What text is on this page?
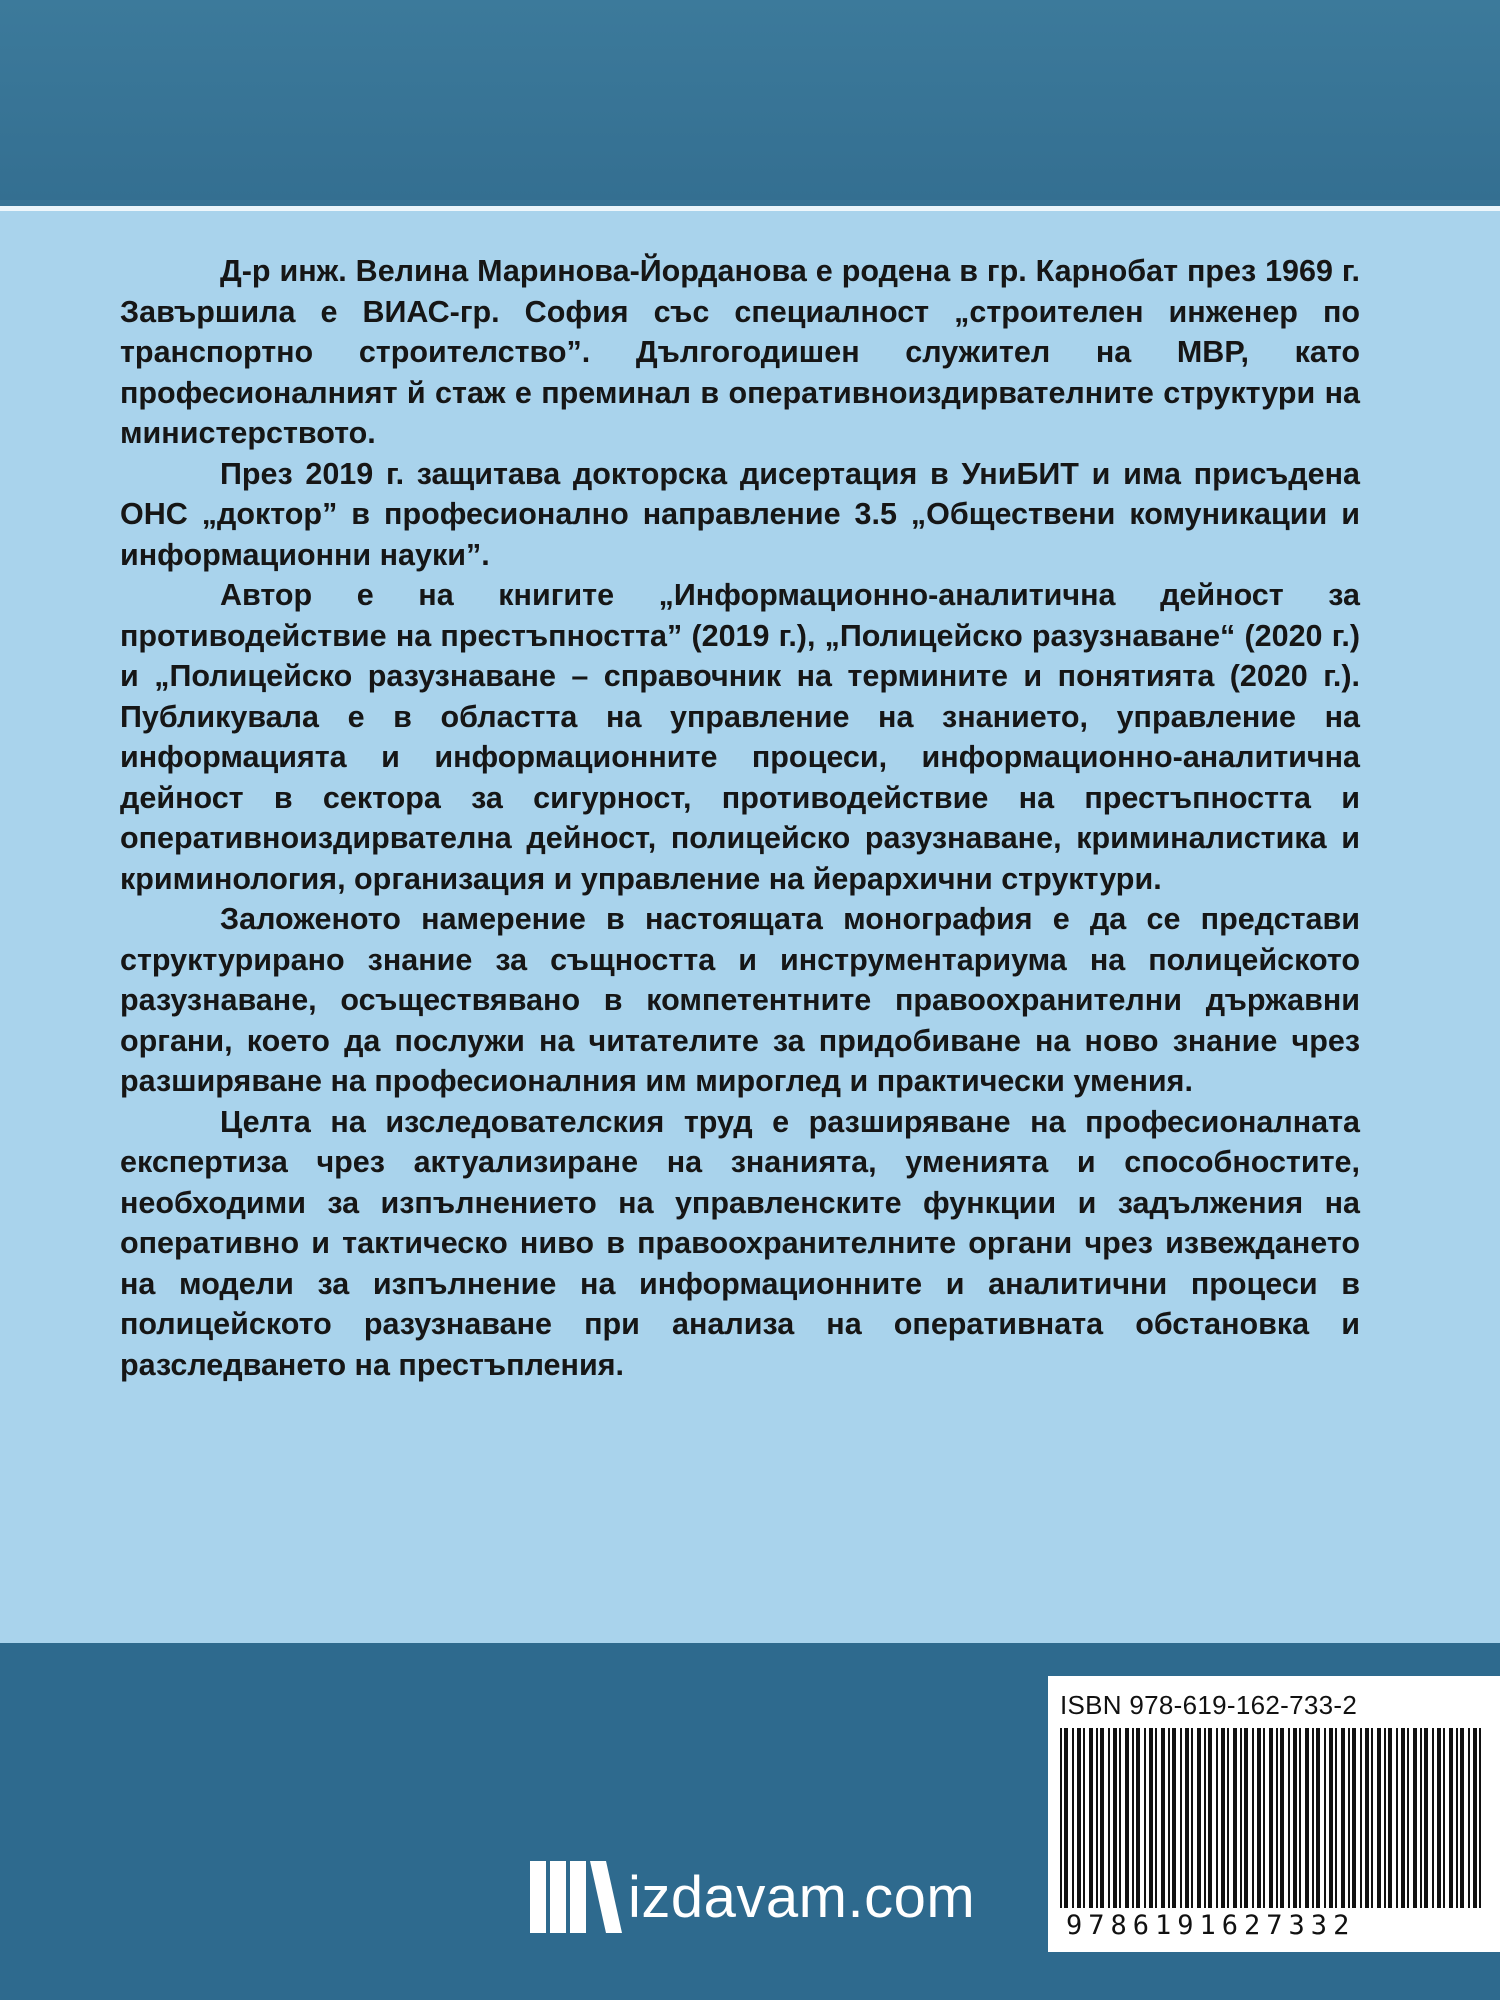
Д-р инж. Велина Маринова-Йорданова е родена в гр. Карнобат през 1969 г. Завършила е ВИАС-гр. София със специалност „строителен инженер по транспортно строителство”. Дългогодишен служител на МВР, като професионалният й стаж е преминал в оперативноиздирвателните структури на министерството.

През 2019 г. защитава докторска дисертация в УниБИТ и има присъдена ОНС „доктор” в професионално направление 3.5 „Обществени комуникации и информационни науки”.

Автор е на книгите „Информационно-аналитична дейност за противодействие на престъпността” (2019 г.), „Полицейско разузнаване“ (2020 г.) и „Полицейско разузнаване – справочник на термините и понятията (2020 г.). Публикувала е в областта на управление на знанието, управление на информацията и информационните процеси, информационно-аналитична дейност в сектора за сигурност, противодействие на престъпността и оперативноиздирвателна дейност, полицейско разузнаване, криминалистика и криминология, организация и управление на йерархични структури.

Заложеното намерение в настоящата монография е да се представи структурирано знание за същността и инструментариума на полицейското разузнаване, осъществявано в компетентните правоохранителни държавни органи, което да послужи на читателите за придобиване на ново знание чрез разширяване на професионалния им мироглед и практически умения.

Целта на изследователския труд е разширяване на професионалната експертиза чрез актуализиране на знанията, уменията и способностите, необходими за изпълнението на управленските функции и задължения на оперативно и тактическо ниво в правоохранителните органи чрез извеждането на модели за изпълнение на информационните и аналитични процеси в полицейското разузнаване при анализа на оперативната обстановка и разследването на престъпления.

ISBN 978-619-162-733-2
9786191627332
izdavam.com
